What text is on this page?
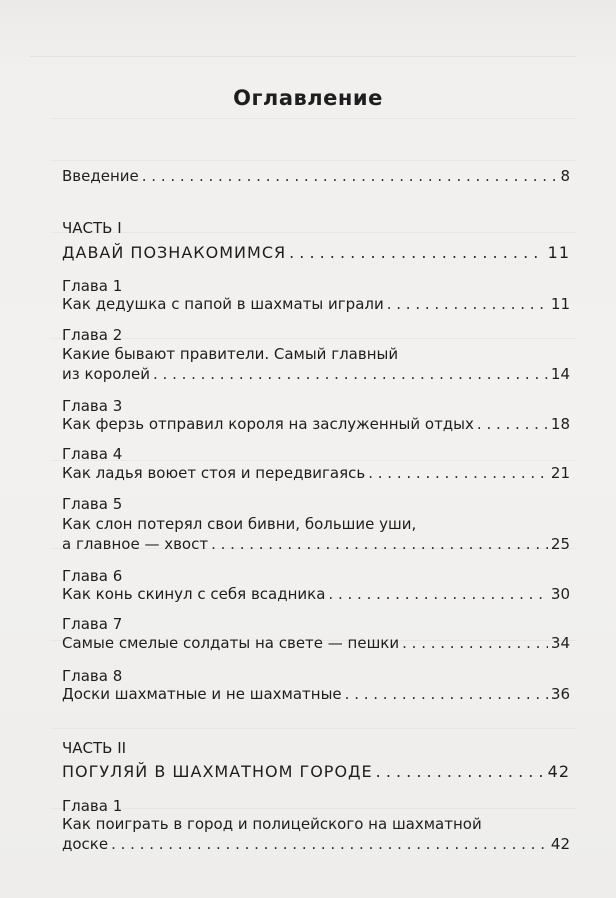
Оглавление
Введение . . .	8
ЧАСТЬ I
ДАВАЙ ПОЗНАКОМИМСЯ . . .	11
Глава 1
Как дедушка с папой в шахматы играли . . .	11
Глава 2
Какие бывают правители. Самый главный
из королей . . .	14
Глава 3
Как ферзь отправил короля на заслуженный отдых . . .	18
Глава 4
Как ладья воюет стоя и передвигаясь . . .	21
Глава 5
Как слон потерял свои бивни, большие уши,
а главное — хвост . . .	25
Глава 6
Как конь скинул с себя всадника . . .	30
Глава 7
Самые смелые солдаты на свете — пешки . . .	34
Глава 8
Доски шахматные и не шахматные . . .	36
ЧАСТЬ II
ПОГУЛЯЙ В ШАХМАТНОМ ГОРОДЕ . . .	42
Глава 1
Как поиграть в город и полицейского на шахматной
доске . . .	42
